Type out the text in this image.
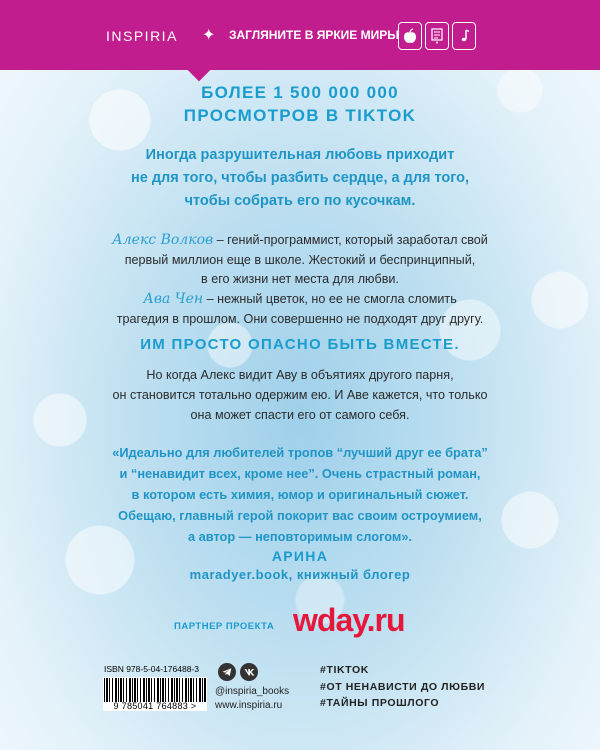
INSPIRIA ✦ ЗАГЛЯНИТЕ В ЯРКИЕ МИРЫ

БОЛЕЕ 1 500 000 000

ПРОСМОТРОВ В TIKTOK

Иногда разрушительная любовь приходит

не для того, чтобы разбить сердце, а для того,

чтобы собрать его по кусочкам.

Алекс Волков – гений-программист, который заработал свой

первый миллион еще в школе. Жестокий и беспринципный,

в его жизни нет места для любви.

Ава Чен – нежный цветок, но ее не смогла сломить

трагедия в прошлом. Они совершенно не подходят друг другу.

ИМ ПРОСТО ОПАСНО БЫТЬ ВМЕСТЕ.

Но когда Алекс видит Аву в объятиях другого парня,

он становится тотально одержим ею. И Аве кажется, что только

она может спасти его от самого себя.

«Идеально для любителей тропов “лучший друг ее брата”

и “ненавидит всех, кроме нее”. Очень страстный роман,

в котором есть химия, юмор и оригинальный сюжет.

Обещаю, главный герой покорит вас своим остроумием,

а автор — неповторимым слогом».

АРИНА

maradyer.book, книжный блогер

ПАРТНЕР ПРОЕКТА wday.ru
ISBN 978-5-04-176488-3
9 785041 764883 >
@inspiria_books
www.inspiria.ru
#TIKTOK
#ОТ НЕНАВИСТИ ДО ЛЮБВИ
#ТАЙНЫ ПРОШЛОГО
